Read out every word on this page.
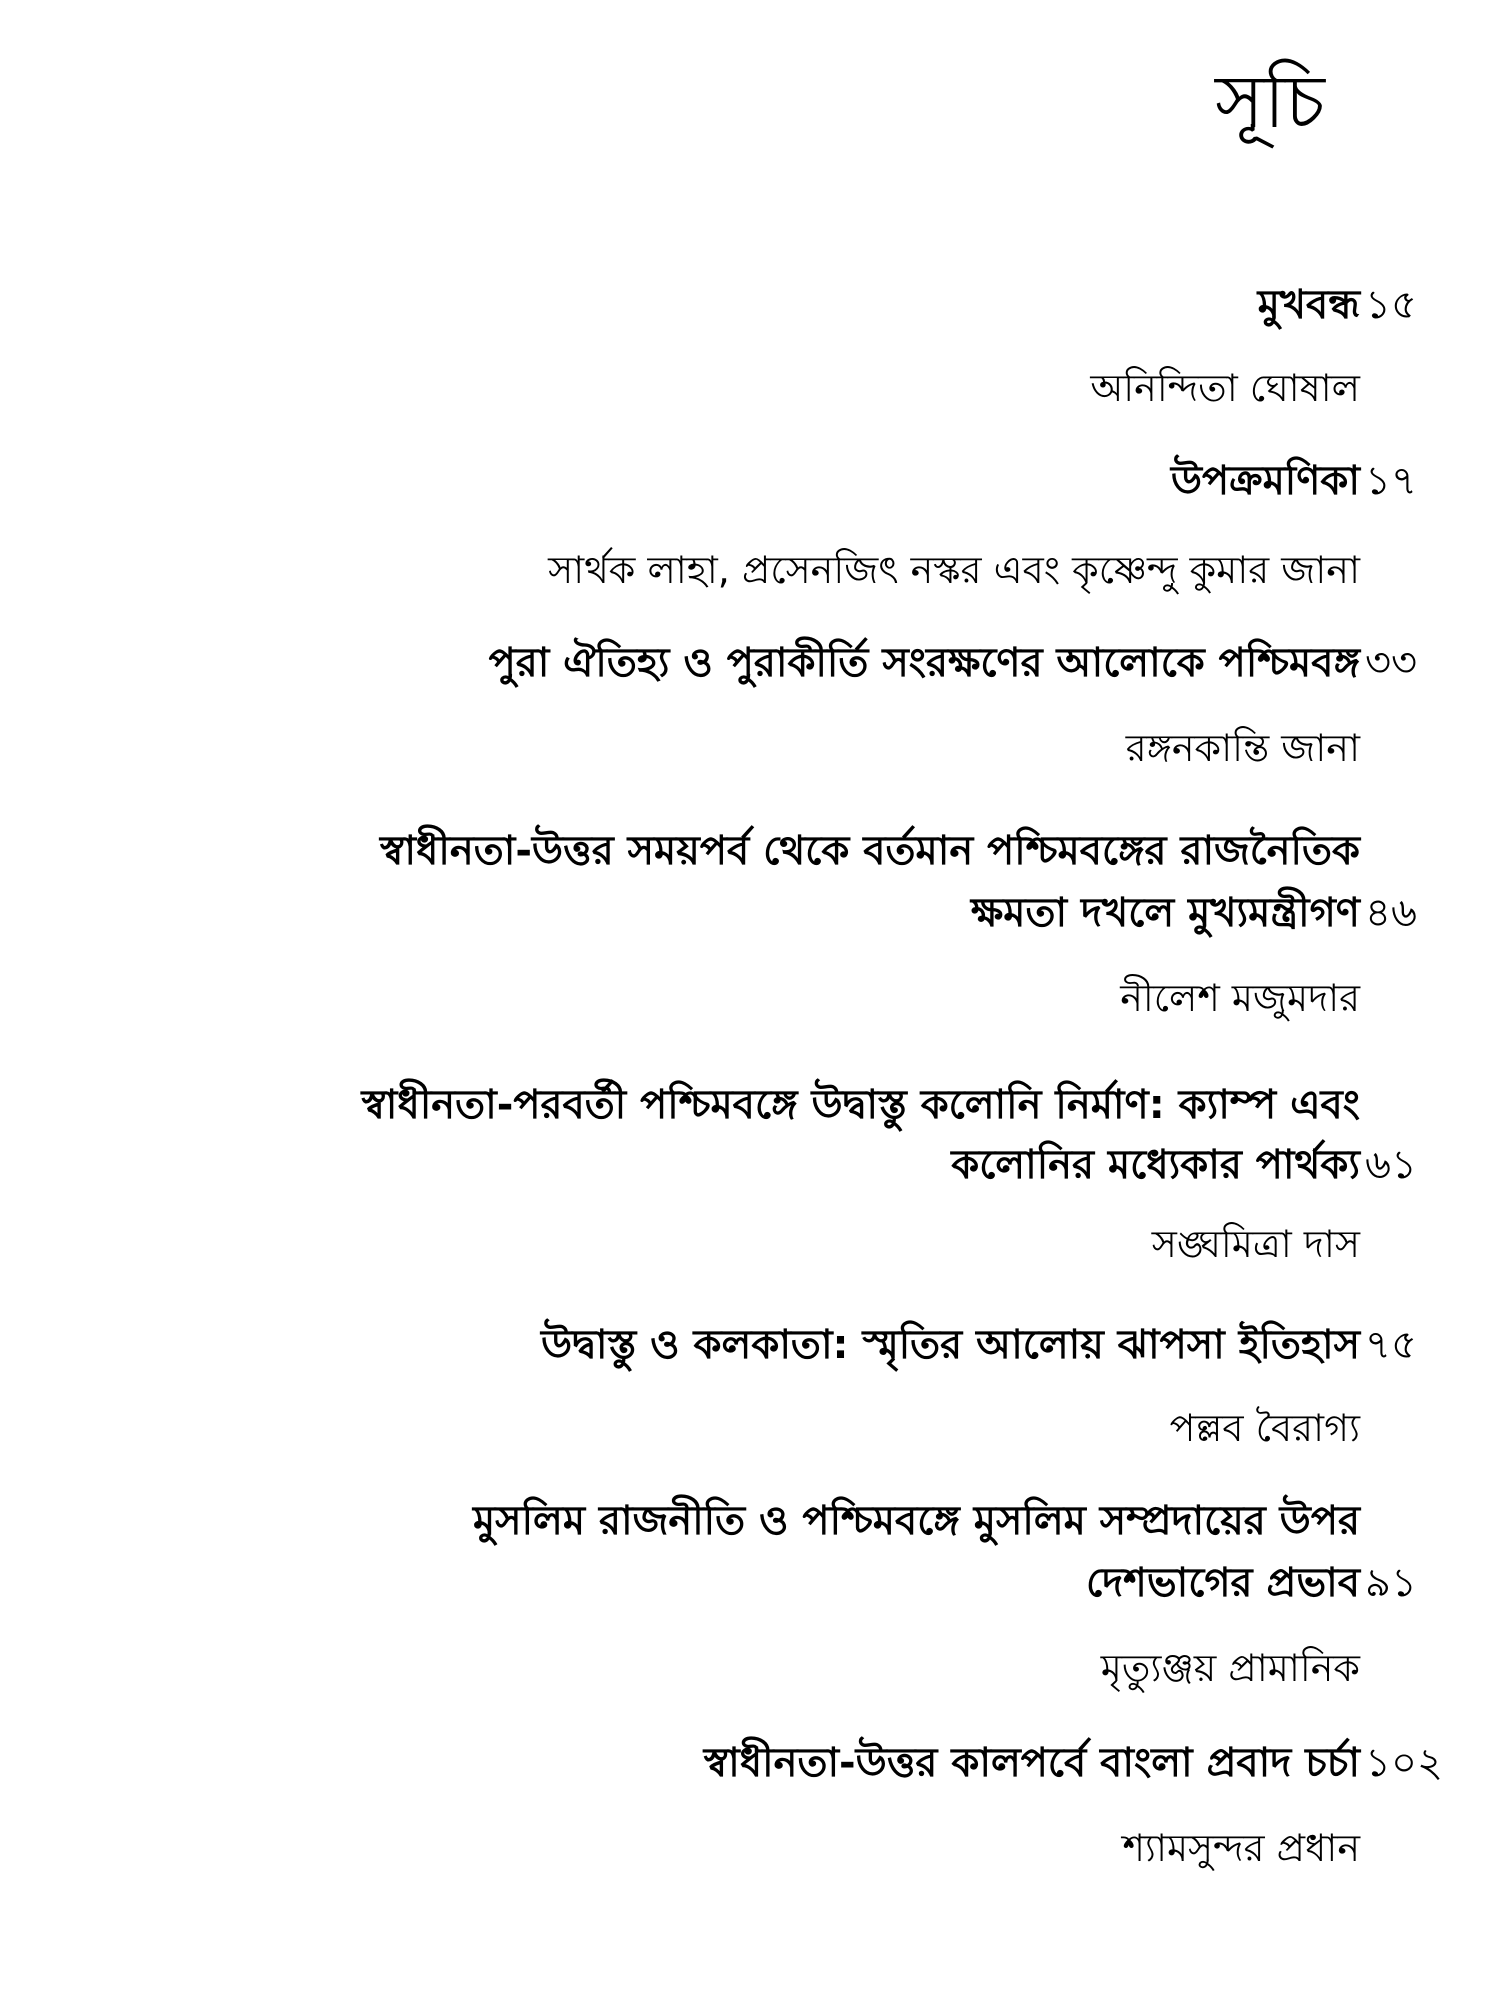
সূচি
মুখবন্ধ ১৫
অনিন্দিতা ঘোষাল
উপক্রমণিকা ১৭
সার্থক লাহা, প্রসেনজিৎ নস্কর এবং কৃষ্ণেন্দু কুমার জানা
পুরা ঐতিহ্য ও পুরাকীর্তি সংরক্ষণের আলোকে পশ্চিমবঙ্গ ৩৩
রঙ্গনকান্তি জানা
স্বাধীনতা-উত্তর সময়পর্ব থেকে বর্তমান পশ্চিমবঙ্গের রাজনৈতিক
ক্ষমতা দখলে মুখ্যমন্ত্রীগণ ৪৬
নীলেশ মজুমদার
স্বাধীনতা-পরবর্তী পশ্চিমবঙ্গে উদ্বাস্তু কলোনি নির্মাণ: ক্যাম্প এবং
কলোনির মধ্যেকার পার্থক্য ৬১
সঙ্ঘমিত্রা দাস
উদ্বাস্তু ও কলকাতা: স্মৃতির আলোয় ঝাপসা ইতিহাস ৭৫
পল্লব বৈরাগ্য
মুসলিম রাজনীতি ও পশ্চিমবঙ্গে মুসলিম সম্প্রদায়ের উপর
দেশভাগের প্রভাব ৯১
মৃত্যুঞ্জয় প্রামানিক
স্বাধীনতা-উত্তর কালপর্বে বাংলা প্রবাদ চর্চা ১০২
শ্যামসুন্দর প্রধান
